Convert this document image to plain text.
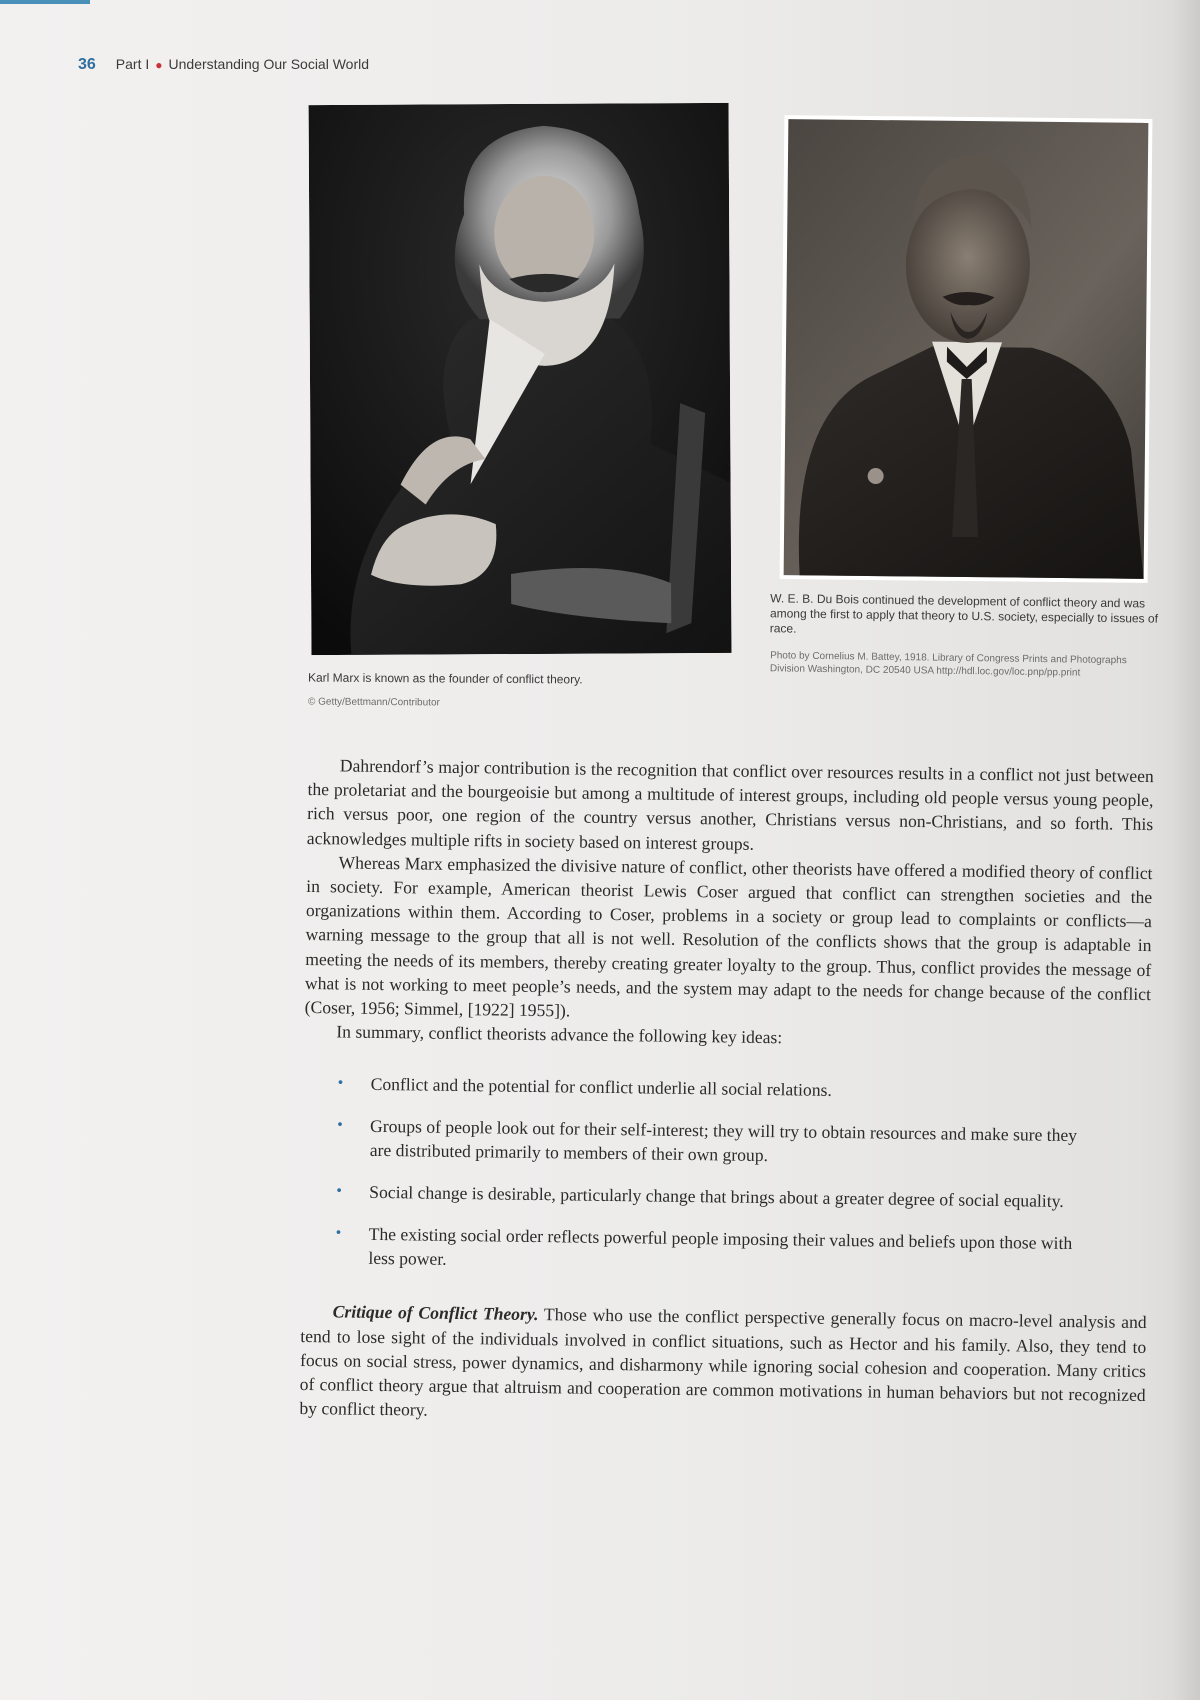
36 Part I ● Understanding Our Social World
Karl Marx is known as the founder of conflict theory.
© Getty/Bettmann/Contributor
W. E. B. Du Bois continued the development of conflict theory and was among the first to apply that theory to U.S. society, especially to issues of race.
Photo by Cornelius M. Battey, 1918. Library of Congress Prints and Photographs Division Washington, DC 20540 USA http://hdl.loc.gov/loc.pnp/pp.print

Dahrendorf’s major contribution is the recognition that conflict over resources results in a conflict not just between the proletariat and the bourgeoisie but among a multitude of interest groups, including old people versus young people, rich versus poor, one region of the country versus another, Christians versus non-Christians, and so forth. This acknowledges multiple rifts in society based on interest groups.

Whereas Marx emphasized the divisive nature of conflict, other theorists have offered a modified theory of conflict in society. For example, American theorist Lewis Coser argued that conflict can strengthen societies and the organizations within them. According to Coser, problems in a society or group lead to complaints or conflicts—a warning message to the group that all is not well. Resolution of the conflicts shows that the group is adaptable in meeting the needs of its members, thereby creating greater loyalty to the group. Thus, conflict provides the message of what is not working to meet people’s needs, and the system may adapt to the needs for change because of the conflict (Coser, 1956; Simmel, [1922] 1955]).

In summary, conflict theorists advance the following key ideas:

• Conflict and the potential for conflict underlie all social relations.
• Groups of people look out for their self-interest; they will try to obtain resources and make sure they are distributed primarily to members of their own group.
• Social change is desirable, particularly change that brings about a greater degree of social equality.
• The existing social order reflects powerful people imposing their values and beliefs upon those with less power.

Critique of Conflict Theory. Those who use the conflict perspective generally focus on macro-level analysis and tend to lose sight of the individuals involved in conflict situations, such as Hector and his family. Also, they tend to focus on social stress, power dynamics, and disharmony while ignoring social cohesion and cooperation. Many critics of conflict theory argue that altruism and cooperation are common motivations in human behaviors but not recognized by conflict theory.
